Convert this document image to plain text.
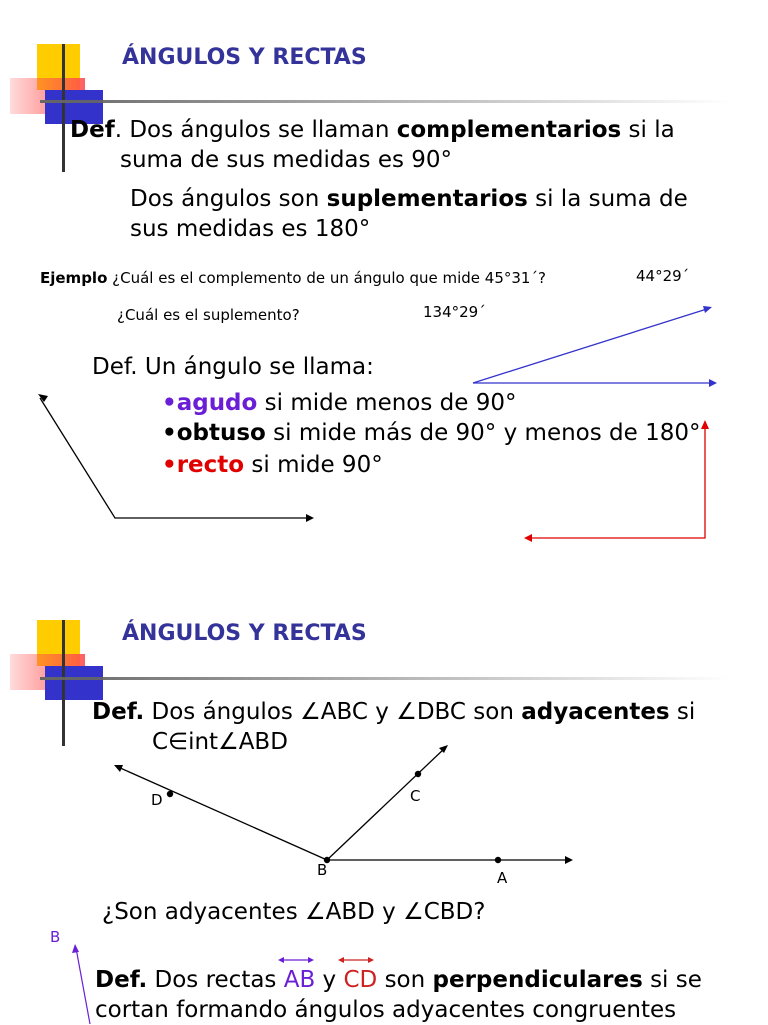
ÁNGULOS Y RECTAS
Def. Dos ángulos se llaman complementarios si la
suma de sus medidas es 90°
Dos ángulos son suplementarios si la suma de
sus medidas es 180°
Ejemplo ¿Cuál es el complemento de un ángulo que mide 45°31´?	44°29´
¿Cuál es el suplemento?	134°29´
Def. Un ángulo se llama:
•agudo si mide menos de 90°
•obtuso si mide más de 90° y menos de 180°
•recto si mide 90°
ÁNGULOS Y RECTAS
Def. Dos ángulos ∠ABC y ∠DBC son adyacentes si
C∈int∠ABD
D	C
B	A
¿Son adyacentes ∠ABD y ∠CBD?
B
Def. Dos rectas AB y CD son perpendiculares si se
cortan formando ángulos adyacentes congruentes
